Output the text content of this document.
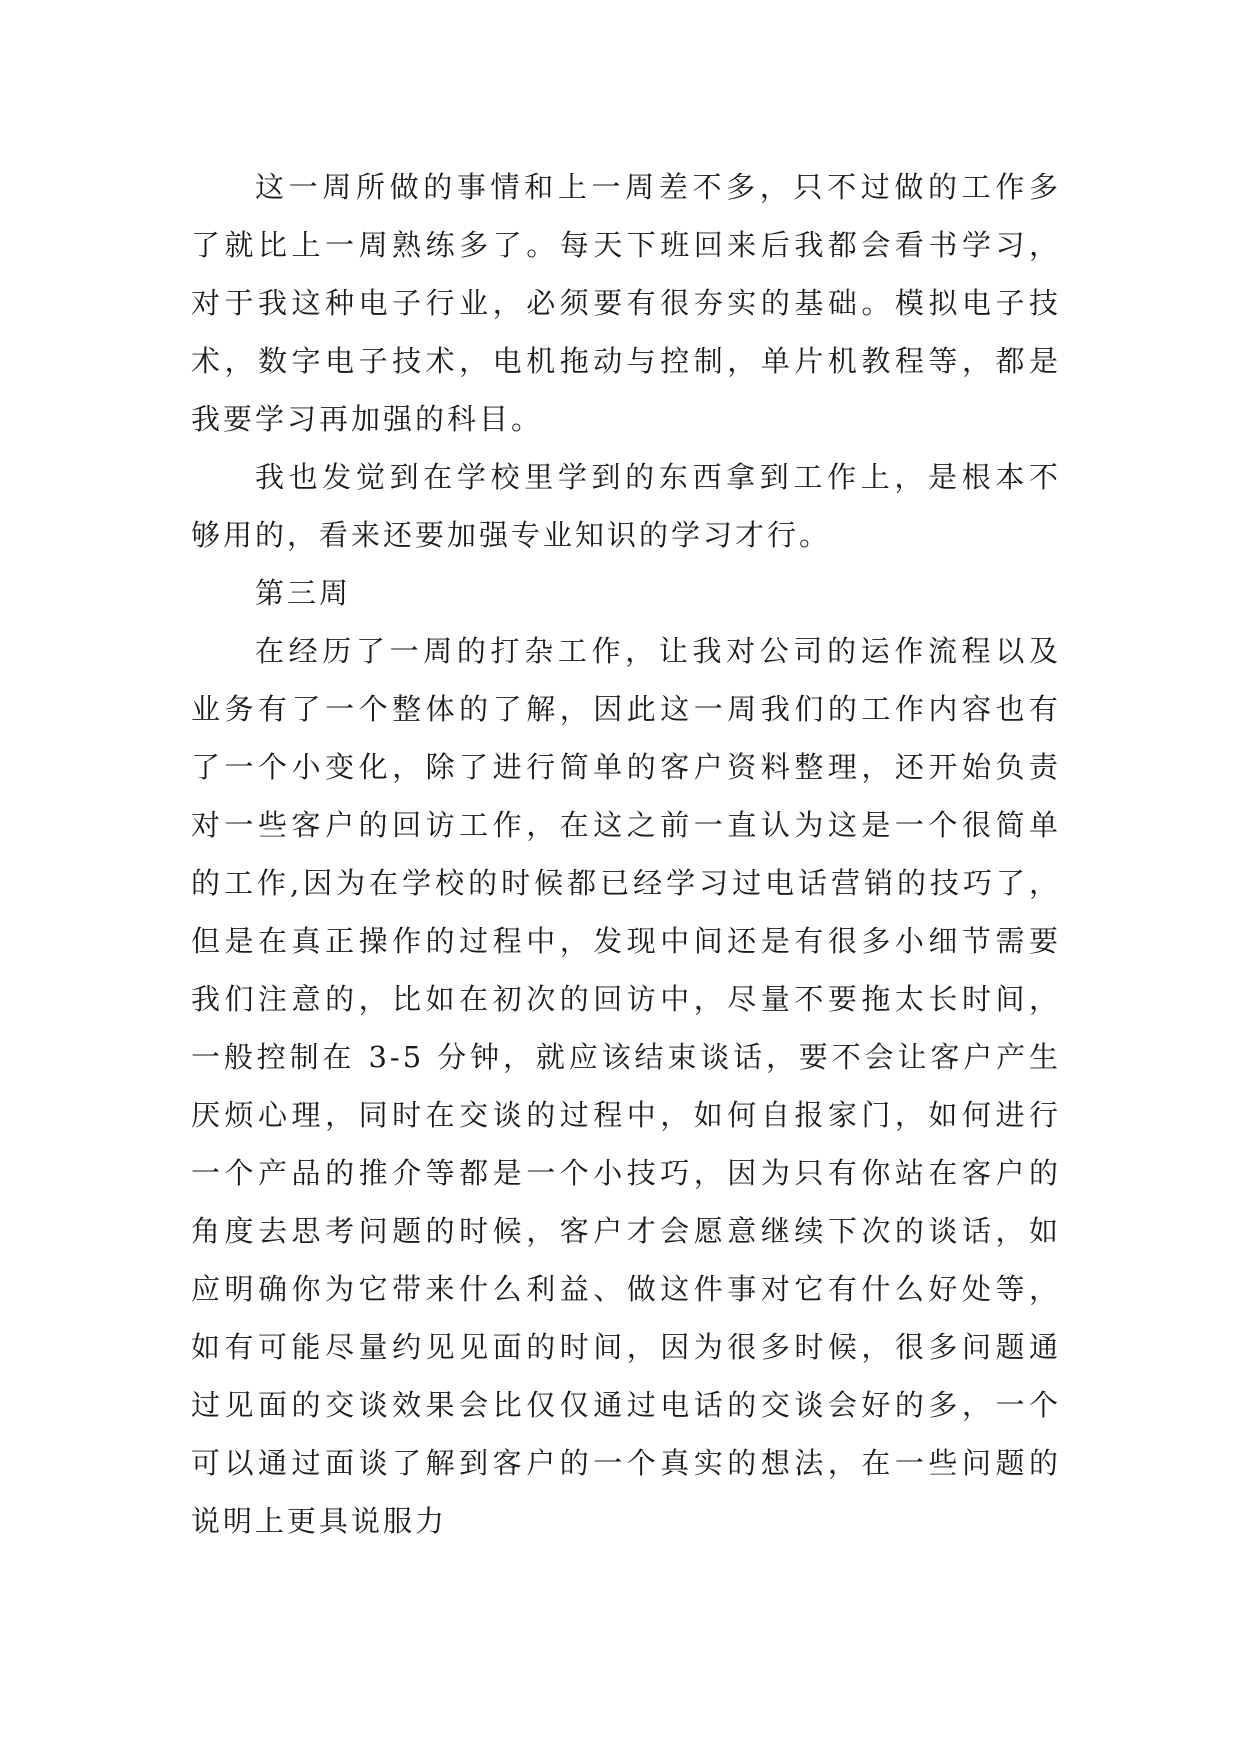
这一周所做的事情和上一周差不多，只不过做的工作多
了就比上一周熟练多了。每天下班回来后我都会看书学习，
对于我这种电子行业，必须要有很夯实的基础。模拟电子技
术，数字电子技术，电机拖动与控制，单片机教程等，都是
我要学习再加强的科目。
我也发觉到在学校里学到的东西拿到工作上，是根本不
够用的，看来还要加强专业知识的学习才行。
第三周
在经历了一周的打杂工作，让我对公司的运作流程以及
业务有了一个整体的了解，因此这一周我们的工作内容也有
了一个小变化，除了进行简单的客户资料整理，还开始负责
对一些客户的回访工作，在这之前一直认为这是一个很简单
的工作,因为在学校的时候都已经学习过电话营销的技巧了，
但是在真正操作的过程中，发现中间还是有很多小细节需要
我们注意的，比如在初次的回访中，尽量不要拖太长时间，
一般控制在 3-5 分钟，就应该结束谈话，要不会让客户产生
厌烦心理，同时在交谈的过程中，如何自报家门，如何进行
一个产品的推介等都是一个小技巧，因为只有你站在客户的
角度去思考问题的时候，客户才会愿意继续下次的谈话，如
应明确你为它带来什么利益、做这件事对它有什么好处等，
如有可能尽量约见见面的时间，因为很多时候，很多问题通
过见面的交谈效果会比仅仅通过电话的交谈会好的多，一个
可以通过面谈了解到客户的一个真实的想法，在一些问题的
说明上更具说服力
